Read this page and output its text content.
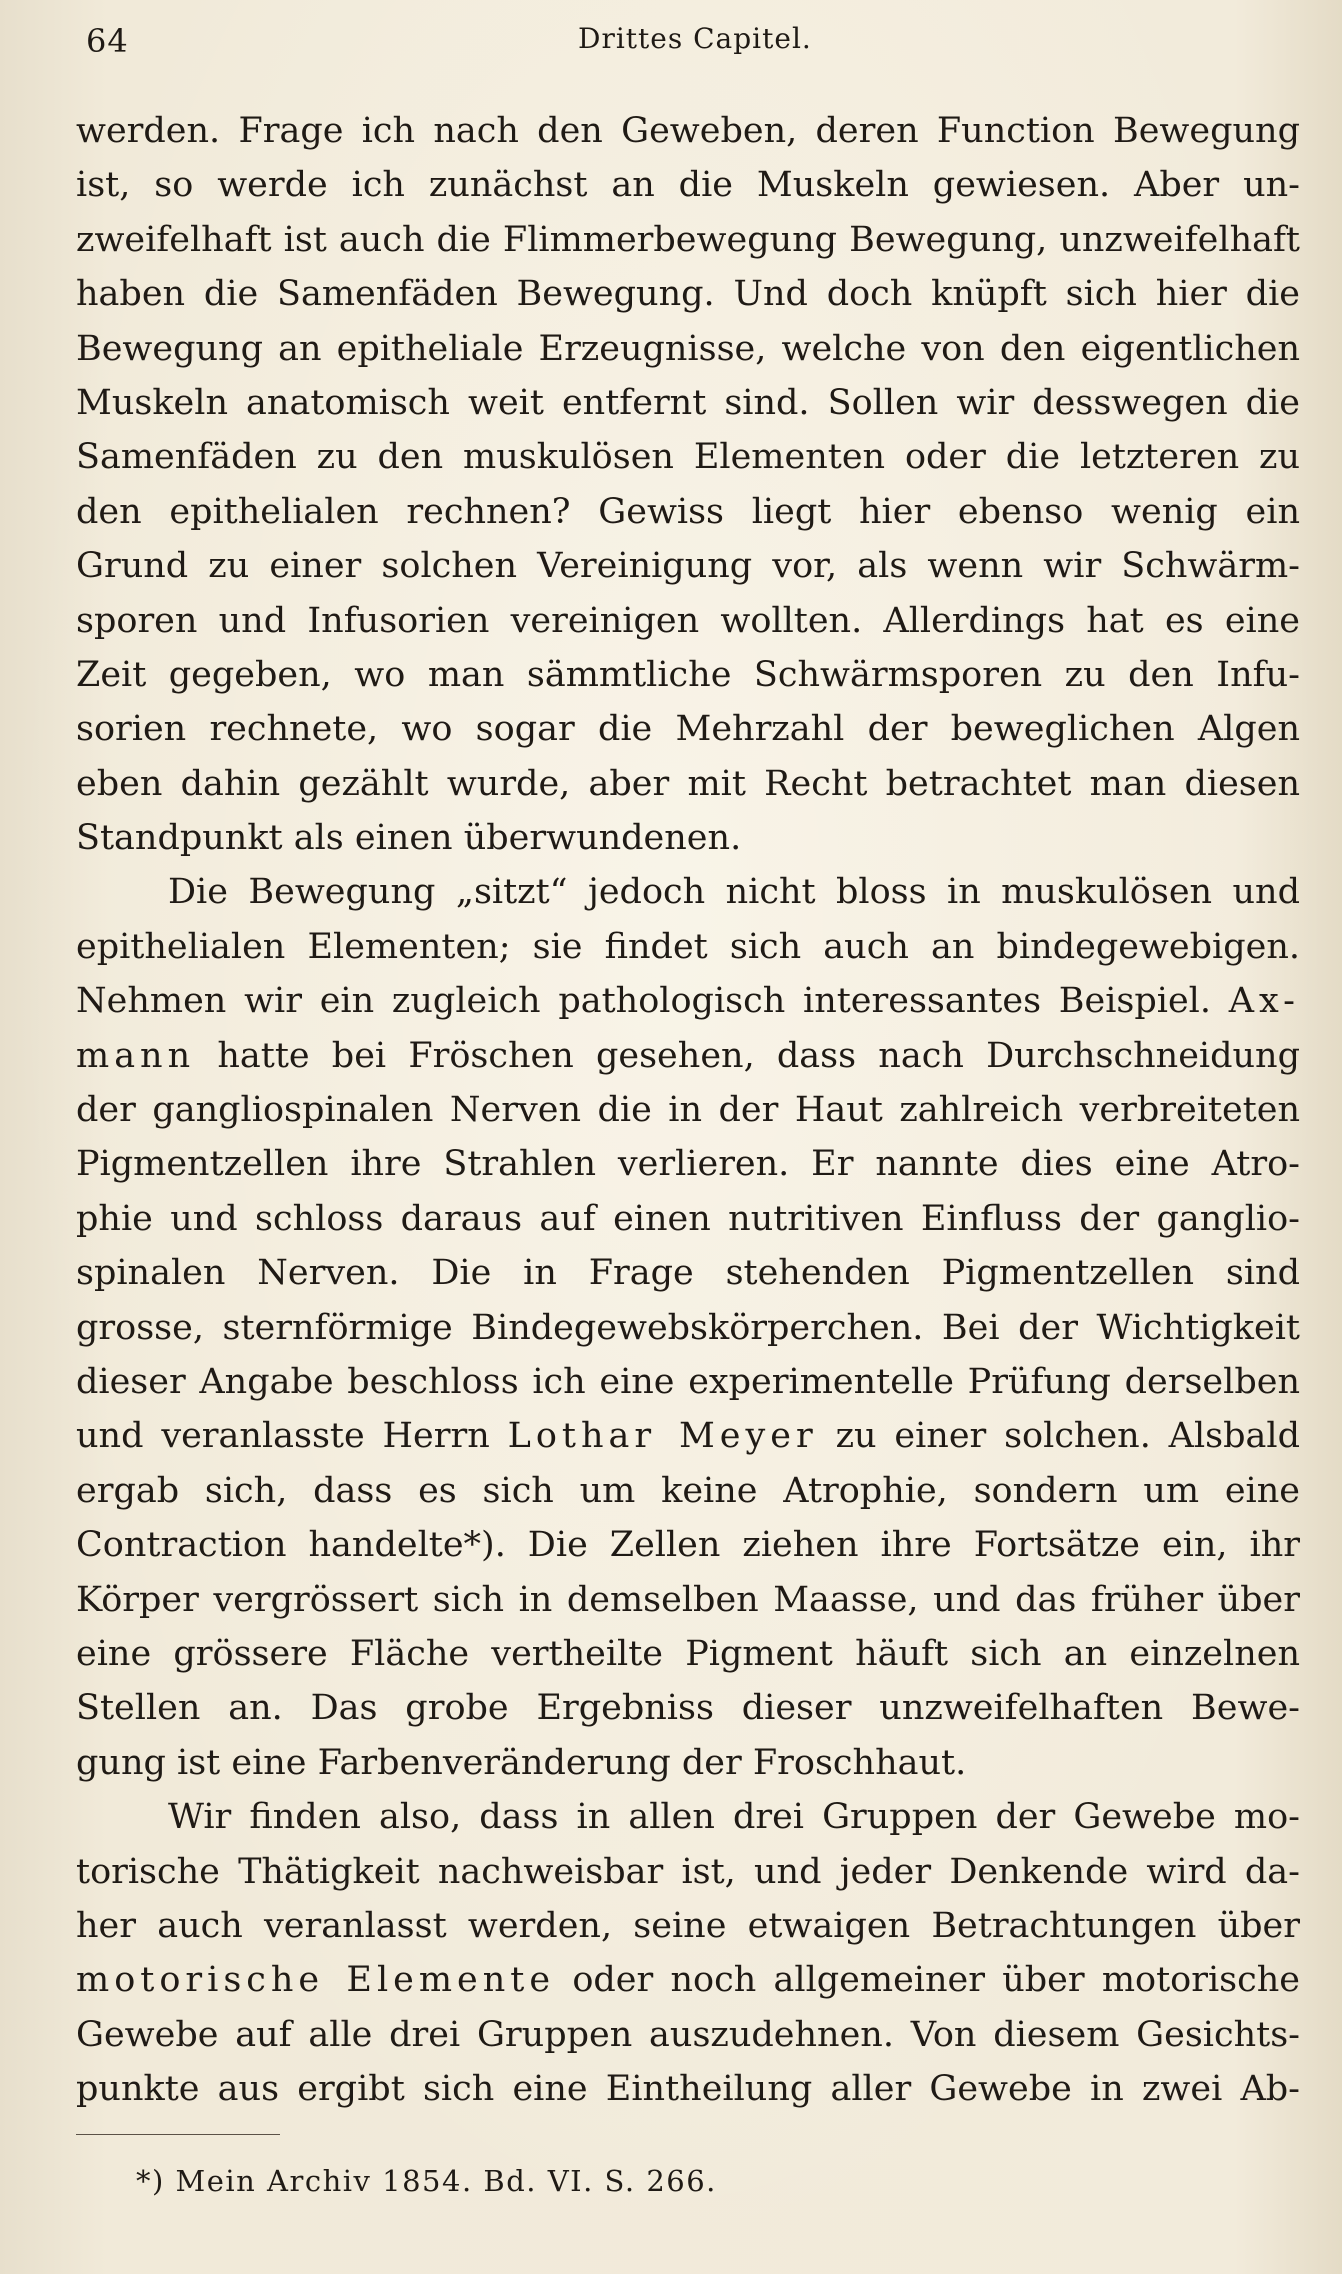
64	Drittes Capitel.
werden. Frage ich nach den Geweben, deren Function Bewegung
ist, so werde ich zunächst an die Muskeln gewiesen. Aber un-
zweifelhaft ist auch die Flimmerbewegung Bewegung, unzweifelhaft
haben die Samenfäden Bewegung. Und doch knüpft sich hier die
Bewegung an epitheliale Erzeugnisse, welche von den eigentlichen
Muskeln anatomisch weit entfernt sind. Sollen wir desswegen die
Samenfäden zu den muskulösen Elementen oder die letzteren zu
den epithelialen rechnen? Gewiss liegt hier ebenso wenig ein
Grund zu einer solchen Vereinigung vor, als wenn wir Schwärm-
sporen und Infusorien vereinigen wollten. Allerdings hat es eine
Zeit gegeben, wo man sämmtliche Schwärmsporen zu den Infu-
sorien rechnete, wo sogar die Mehrzahl der beweglichen Algen
eben dahin gezählt wurde, aber mit Recht betrachtet man diesen
Standpunkt als einen überwundenen.
Die Bewegung „sitzt“ jedoch nicht bloss in muskulösen und
epithelialen Elementen; sie findet sich auch an bindegewebigen.
Nehmen wir ein zugleich pathologisch interessantes Beispiel. Ax-
mann hatte bei Fröschen gesehen, dass nach Durchschneidung
der gangliospinalen Nerven die in der Haut zahlreich verbreiteten
Pigmentzellen ihre Strahlen verlieren. Er nannte dies eine Atro-
phie und schloss daraus auf einen nutritiven Einfluss der ganglio-
spinalen Nerven. Die in Frage stehenden Pigmentzellen sind
grosse, sternförmige Bindegewebskörperchen. Bei der Wichtigkeit
dieser Angabe beschloss ich eine experimentelle Prüfung derselben
und veranlasste Herrn Lothar Meyer zu einer solchen. Alsbald
ergab sich, dass es sich um keine Atrophie, sondern um eine
Contraction handelte*). Die Zellen ziehen ihre Fortsätze ein, ihr
Körper vergrössert sich in demselben Maasse, und das früher über
eine grössere Fläche vertheilte Pigment häuft sich an einzelnen
Stellen an. Das grobe Ergebniss dieser unzweifelhaften Bewe-
gung ist eine Farbenveränderung der Froschhaut.
Wir finden also, dass in allen drei Gruppen der Gewebe mo-
torische Thätigkeit nachweisbar ist, und jeder Denkende wird da-
her auch veranlasst werden, seine etwaigen Betrachtungen über
motorische Elemente oder noch allgemeiner über motorische
Gewebe auf alle drei Gruppen auszudehnen. Von diesem Gesichts-
punkte aus ergibt sich eine Eintheilung aller Gewebe in zwei Ab-
*) Mein Archiv 1854. Bd. VI. S. 266.
